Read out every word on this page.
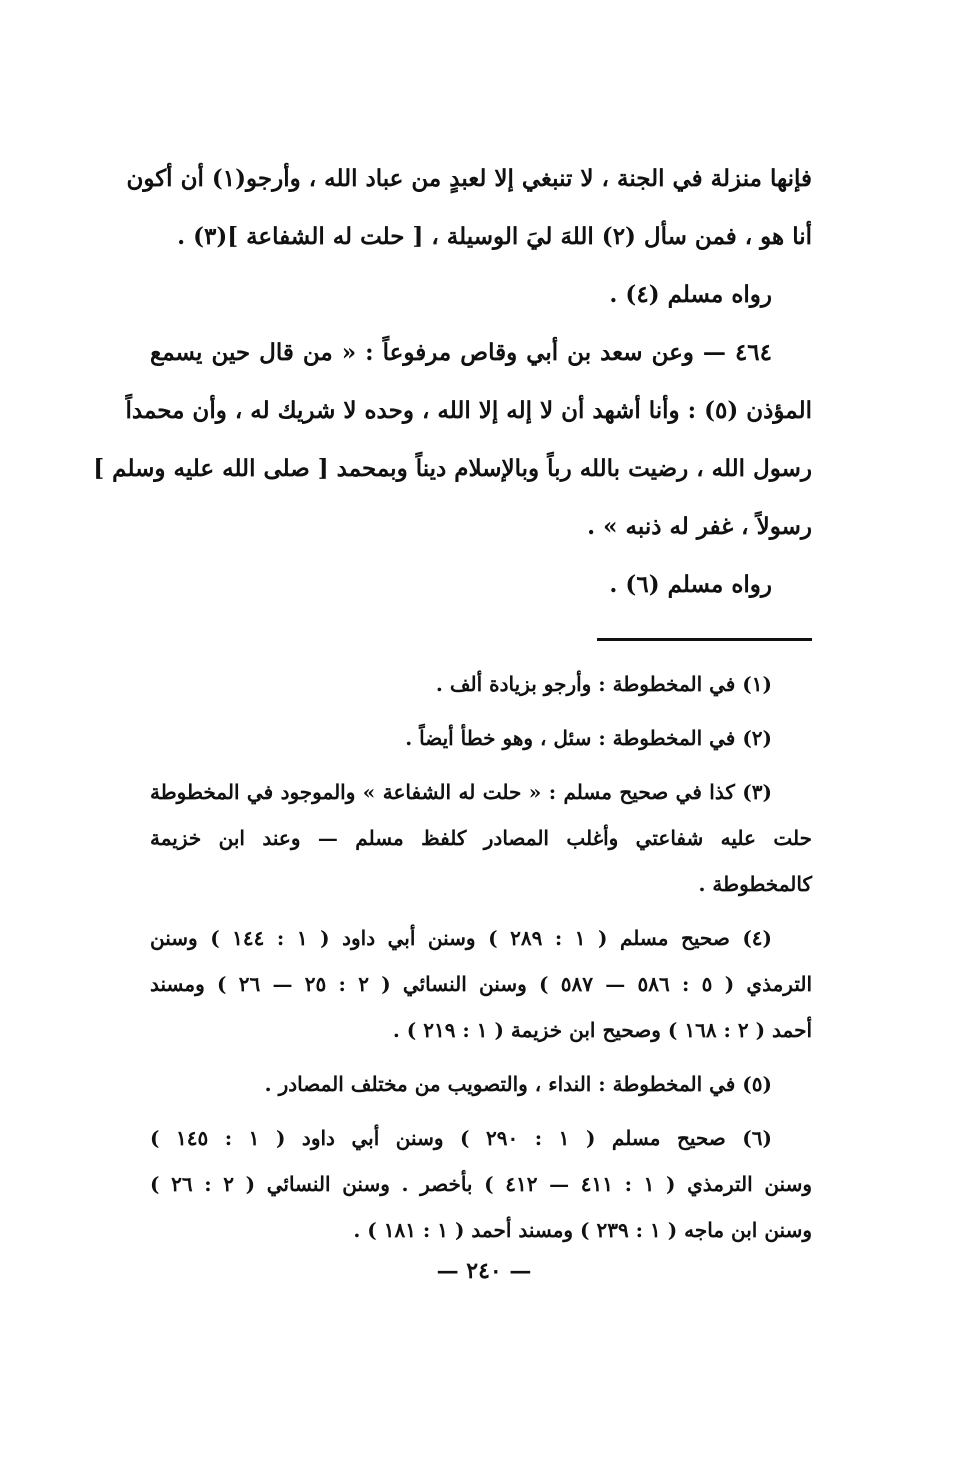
فإنها منزلة في الجنة ، لا تنبغي إلا لعبدٍ من عباد الله ، وأرجو(١) أن أكون
أنا هو ، فمن سأل (٢) اللهَ ليَ الوسيلة ، [ حلت له الشفاعة ](٣) .
رواه مسلم (٤) .
٤٦٤ — وعن سعد بن أبي وقاص مرفوعاً : « من قال حين يسمع
المؤذن (٥) : وأنا أشهد أن لا إله إلا الله ، وحده لا شريك له ، وأن محمداً
رسول الله ، رضيت بالله رباً وبالإسلام ديناً وبمحمد [ صلى الله عليه وسلم ]
رسولاً ، غفر له ذنبه » .
رواه مسلم (٦) .
(١) في المخطوطة : وأرجو بزيادة ألف .
(٢) في المخطوطة : سئل ، وهو خطأ أيضاً .
(٣) كذا في صحيح مسلم : « حلت له الشفاعة » والموجود في المخطوطة
حلت عليه شفاعتي وأغلب المصادر كلفظ مسلم — وعند ابن خزيمة
كالمخطوطة .
(٤) صحيح مسلم ( ١ : ٢٨٩ ) وسنن أبي داود ( ١ : ١٤٤ ) وسنن
الترمذي ( ٥ : ٥٨٦ — ٥٨٧ ) وسنن النسائي ( ٢ : ٢٥ — ٢٦ ) ومسند
أحمد ( ٢ : ١٦٨ ) وصحيح ابن خزيمة ( ١ : ٢١٩ ) .
(٥) في المخطوطة : النداء ، والتصويب من مختلف المصادر .
(٦) صحيح مسلم ( ١ : ٢٩٠ ) وسنن أبي داود ( ١ : ١٤٥ )
وسنن الترمذي ( ١ : ٤١١ — ٤١٢ ) بأخصر . وسنن النسائي ( ٢ : ٢٦ )
وسنن ابن ماجه ( ١ : ٢٣٩ ) ومسند أحمد ( ١ : ١٨١ ) .
— ٢٤٠ —
